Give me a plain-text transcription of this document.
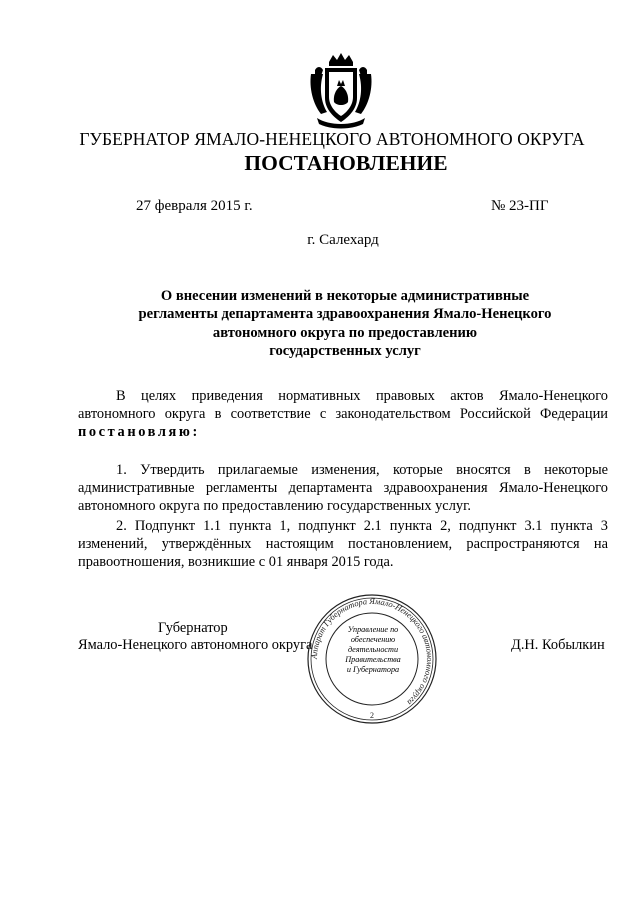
ГУБЕРНАТОР ЯМАЛО-НЕНЕЦКОГО АВТОНОМНОГО ОКРУГА
ПОСТАНОВЛЕНИЕ
27 февраля 2015 г.	№ 23-ПГ
г. Салехард
О внесении изменений в некоторые административные
регламенты департамента здравоохранения Ямало-Ненецкого
автономного округа по предоставлению
государственных услуг
В целях приведения нормативных правовых актов Ямало-Ненецкого
автономного округа в соответствие с законодательством Российской Федерации
постановляю:
1. Утвердить прилагаемые изменения, которые вносятся в некоторые
административные регламенты департамента здравоохранения Ямало-Ненецкого
автономного округа по предоставлению государственных услуг.
2. Подпункт 1.1 пункта 1, подпункт 2.1 пункта 2, подпункт 3.1 пункта 3
изменений, утверждённых настоящим постановлением, распространяются на
правоотношения, возникшие с 01 января 2015 года.
Губернатор
Ямало-Ненецкого автономного округа	Д.Н. Кобылкин
Аппарат Губернатора Ямало-Ненецкого автономного округа
2
Управление по
обеспечению
деятельности
Правительства
и Губернатора
